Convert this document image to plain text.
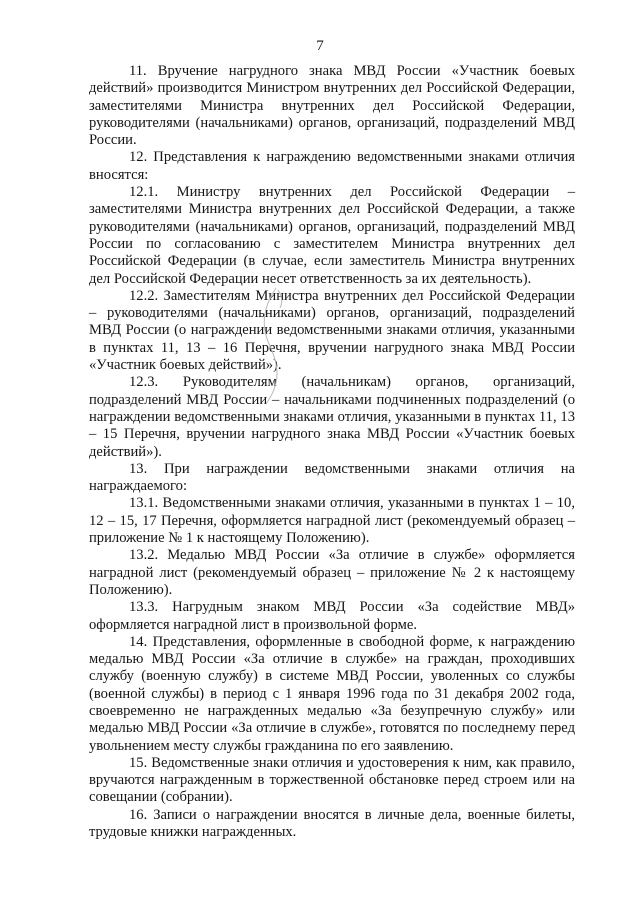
7

11. Вручение нагрудного знака МВД России «Участник боевых действий» производится Министром внутренних дел Российской Федерации, заместителями Министра внутренних дел Российской Федерации, руководителями (начальниками) органов, организаций, подразделений МВД России.

12. Представления к награждению ведомственными знаками отличия вносятся:

12.1. Министру внутренних дел Российской Федерации – заместителями Министра внутренних дел Российской Федерации, а также руководителями (начальниками) органов, организаций, подразделений МВД России по согласованию с заместителем Министра внутренних дел Российской Федерации (в случае, если заместитель Министра внутренних дел Российской Федерации несет ответственность за их деятельность).

12.2. Заместителям Министра внутренних дел Российской Федерации – руководителями (начальниками) органов, организаций, подразделений МВД России (о награждении ведомственными знаками отличия, указанными в пунктах 11, 13 – 16 Перечня, вручении нагрудного знака МВД России «Участник боевых действий»).

12.3. Руководителям (начальникам) органов, организаций, подразделений МВД России – начальниками подчиненных подразделений (о награждении ведомственными знаками отличия, указанными в пунктах 11, 13 – 15 Перечня, вручении нагрудного знака МВД России «Участник боевых действий»).

13. При награждении ведомственными знаками отличия на награждаемого:

13.1. Ведомственными знаками отличия, указанными в пунктах 1 – 10, 12 – 15, 17 Перечня, оформляется наградной лист (рекомендуемый образец – приложение № 1 к настоящему Положению).

13.2. Медалью МВД России «За отличие в службе» оформляется наградной лист (рекомендуемый образец – приложение № 2 к настоящему Положению).

13.3. Нагрудным знаком МВД России «За содействие МВД» оформляется наградной лист в произвольной форме.

14. Представления, оформленные в свободной форме, к награждению медалью МВД России «За отличие в службе» на граждан, проходивших службу (военную службу) в системе МВД России, уволенных со службы (военной службы) в период с 1 января 1996 года по 31 декабря 2002 года, своевременно не награжденных медалью «За безупречную службу» или медалью МВД России «За отличие в службе», готовятся по последнему перед увольнением месту службы гражданина по его заявлению.

15. Ведомственные знаки отличия и удостоверения к ним, как правило, вручаются награжденным в торжественной обстановке перед строем или на совещании (собрании).

16. Записи о награждении вносятся в личные дела, военные билеты, трудовые книжки награжденных.
